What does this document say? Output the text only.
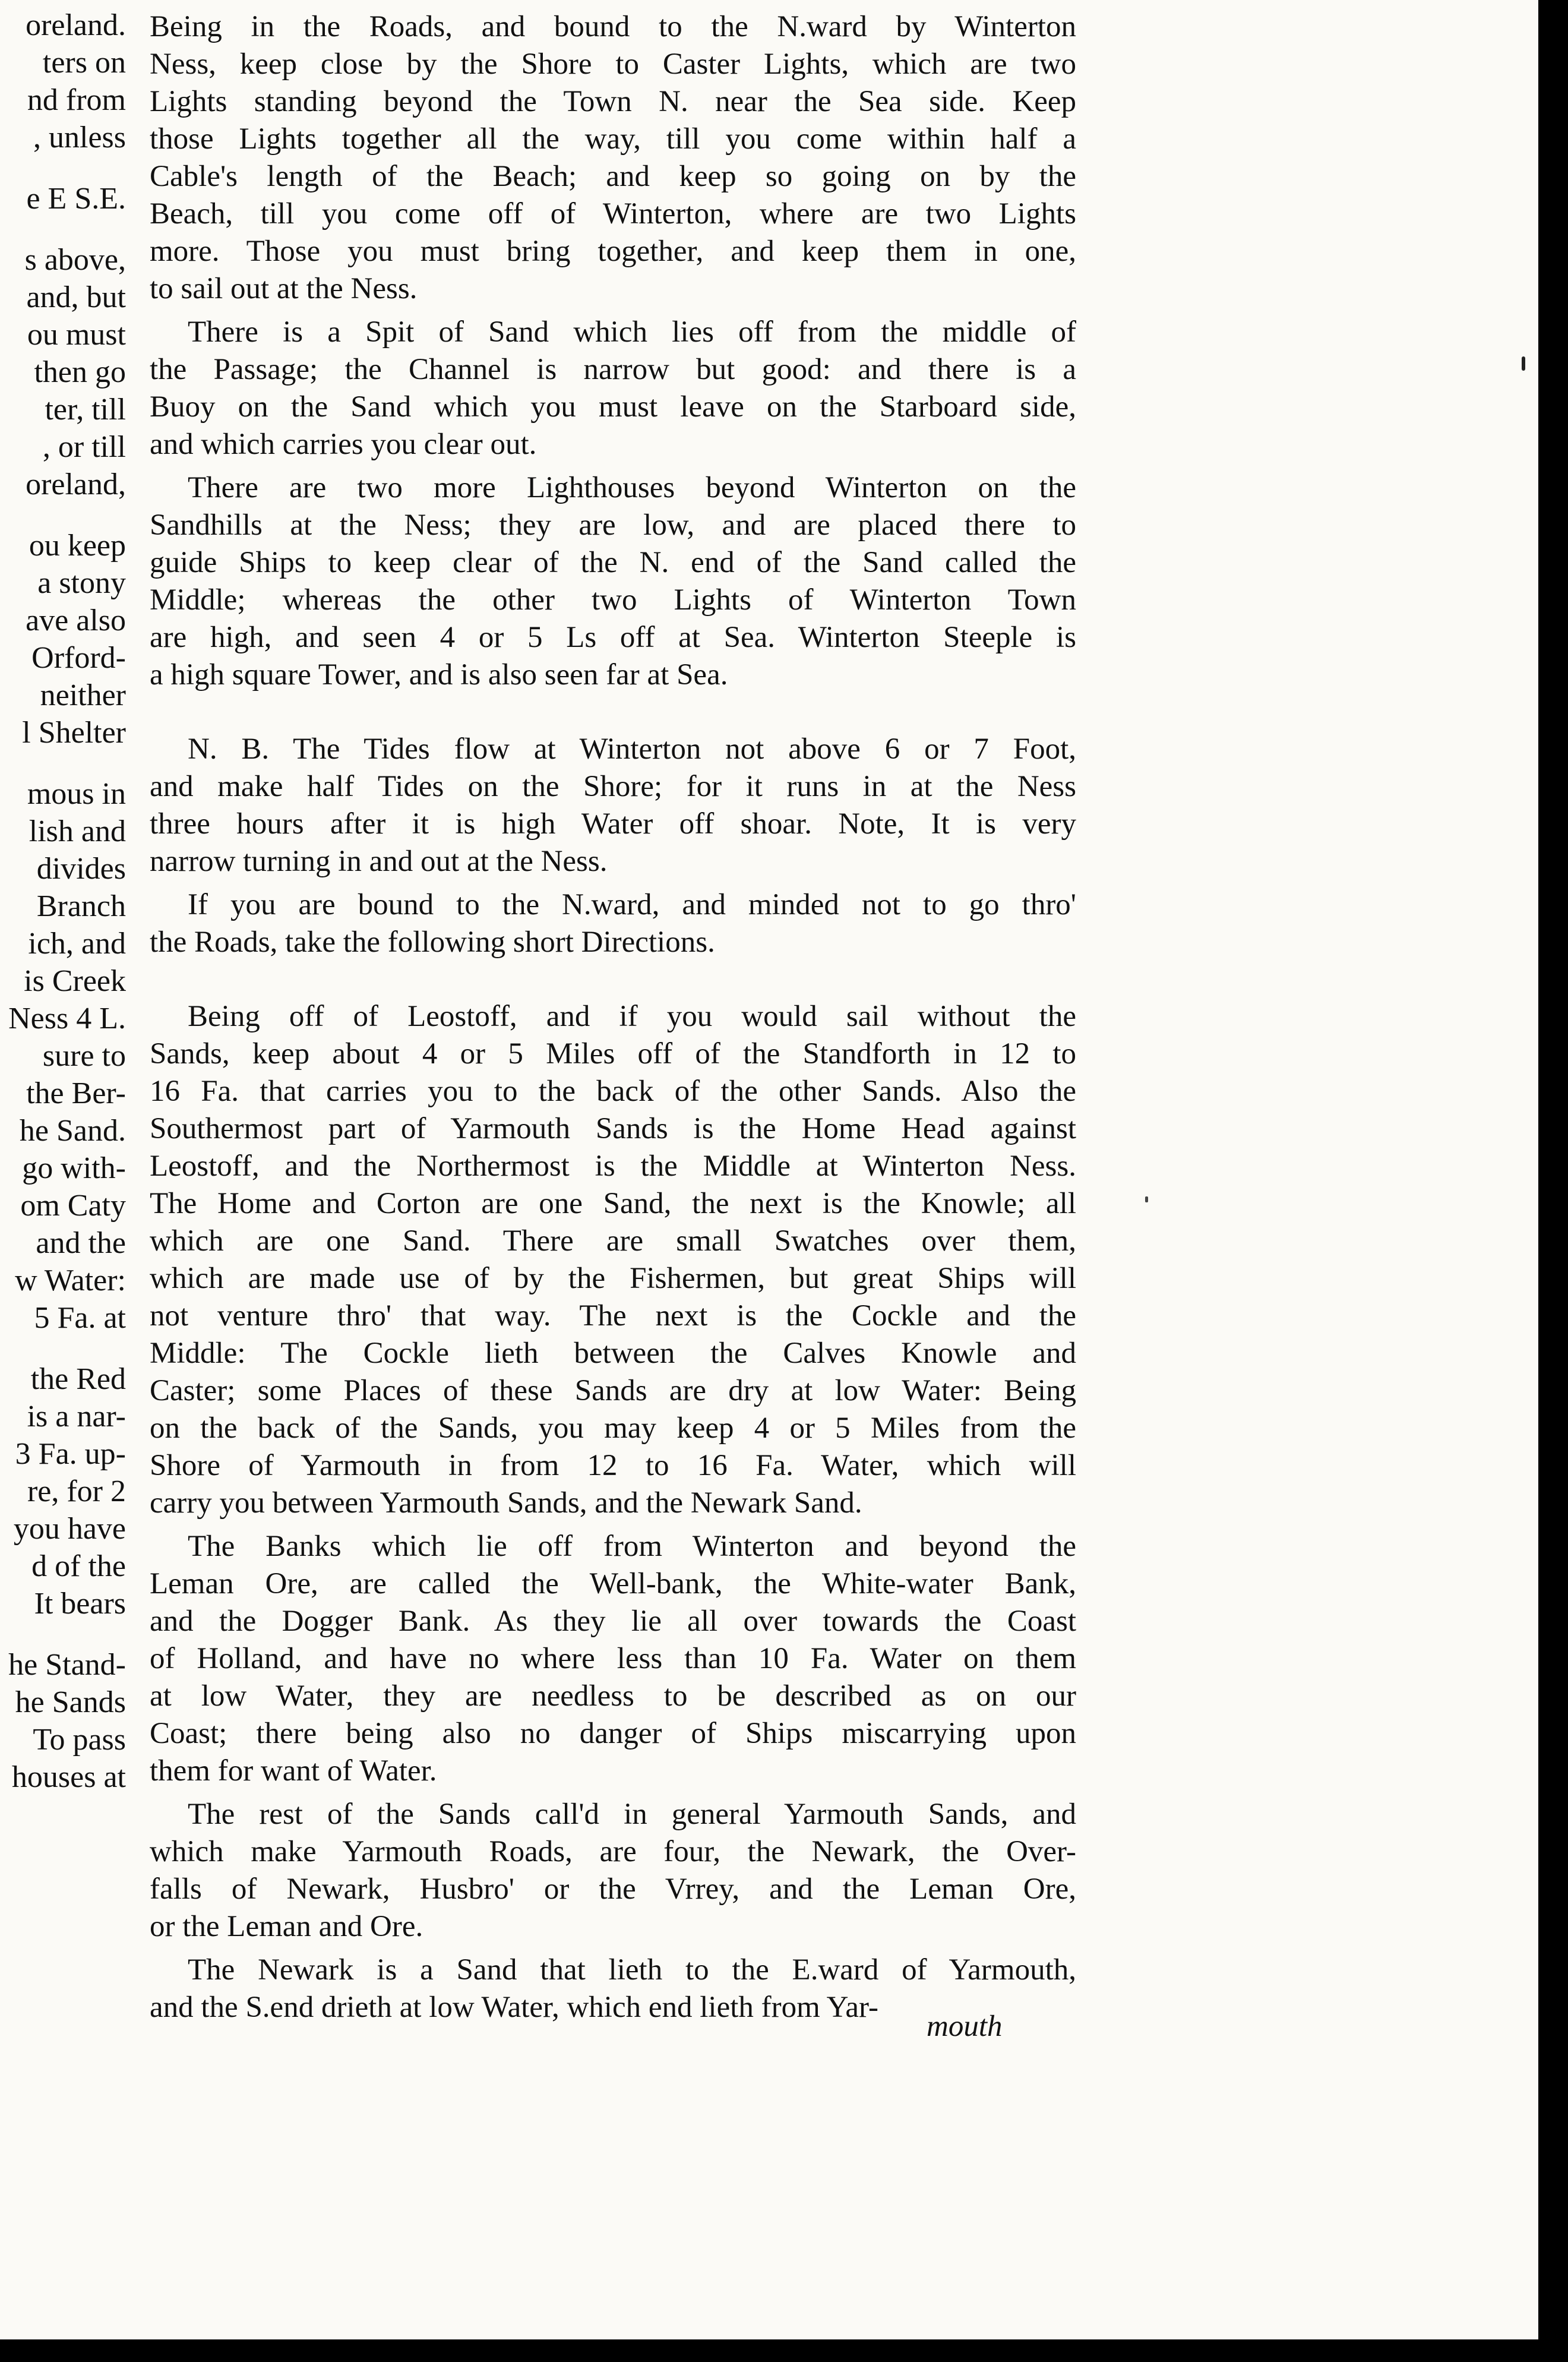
oreland.
ters on
nd from
, unless
e E S.E.
s above,
and, but
ou must
then go
ter, till
, or till
oreland,
ou keep
a stony
ave also
Orford-
neither
l Shelter
mous in
lish and
divides
Branch
ich, and
is Creek
Ness 4 L.
sure to
the Ber-
he Sand.
go with-
om Caty
and the
w Water:
5 Fa. at
the Red
is a nar-
3 Fa. up-
re, for 2
you have
d of the
It bears
he Stand-
he Sands
To pass
houses at

Being in the Roads, and bound to the N.ward by Winterton
Ness, keep close by the Shore to Caster Lights, which are two
Lights standing beyond the Town N. near the Sea side. Keep
those Lights together all the way, till you come within half a
Cable's length of the Beach; and keep so going on by the
Beach, till you come off of Winterton, where are two Lights
more. Those you must bring together, and keep them in one,
to sail out at the Ness.

There is a Spit of Sand which lies off from the middle of
the Passage; the Channel is narrow but good: and there is a
Buoy on the Sand which you must leave on the Starboard side,
and which carries you clear out.

There are two more Lighthouses beyond Winterton on the
Sandhills at the Ness; they are low, and are placed there to
guide Ships to keep clear of the N. end of the Sand called the
Middle; whereas the other two Lights of Winterton Town
are high, and seen 4 or 5 Ls off at Sea. Winterton Steeple is
a high square Tower, and is also seen far at Sea.

N. B. The Tides flow at Winterton not above 6 or 7 Foot,
and make half Tides on the Shore; for it runs in at the Ness
three hours after it is high Water off shoar. Note, It is very
narrow turning in and out at the Ness.

If you are bound to the N.ward, and minded not to go thro'
the Roads, take the following short Directions.

Being off of Leostoff, and if you would sail without the
Sands, keep about 4 or 5 Miles off of the Standforth in 12 to
16 Fa. that carries you to the back of the other Sands. Also the
Southermost part of Yarmouth Sands is the Home Head against
Leostoff, and the Northermost is the Middle at Winterton Ness.
The Home and Corton are one Sand, the next is the Knowle; all
which are one Sand. There are small Swatches over them,
which are made use of by the Fishermen, but great Ships will
not venture thro' that way. The next is the Cockle and the
Middle: The Cockle lieth between the Calves Knowle and
Caster; some Places of these Sands are dry at low Water: Being
on the back of the Sands, you may keep 4 or 5 Miles from the
Shore of Yarmouth in from 12 to 16 Fa. Water, which will
carry you between Yarmouth Sands, and the Newark Sand.

The Banks which lie off from Winterton and beyond the
Leman Ore, are called the Well-bank, the White-water Bank,
and the Dogger Bank. As they lie all over towards the Coast
of Holland, and have no where less than 10 Fa. Water on them
at low Water, they are needless to be described as on our
Coast; there being also no danger of Ships miscarrying upon
them for want of Water.

The rest of the Sands call'd in general Yarmouth Sands, and
which make Yarmouth Roads, are four, the Newark, the Over-
falls of Newark, Husbro' or the Vrrey, and the Leman Ore,
or the Leman and Ore.

The Newark is a Sand that lieth to the E.ward of Yarmouth,
and the S.end drieth at low Water, which end lieth from Yar-

mouth
